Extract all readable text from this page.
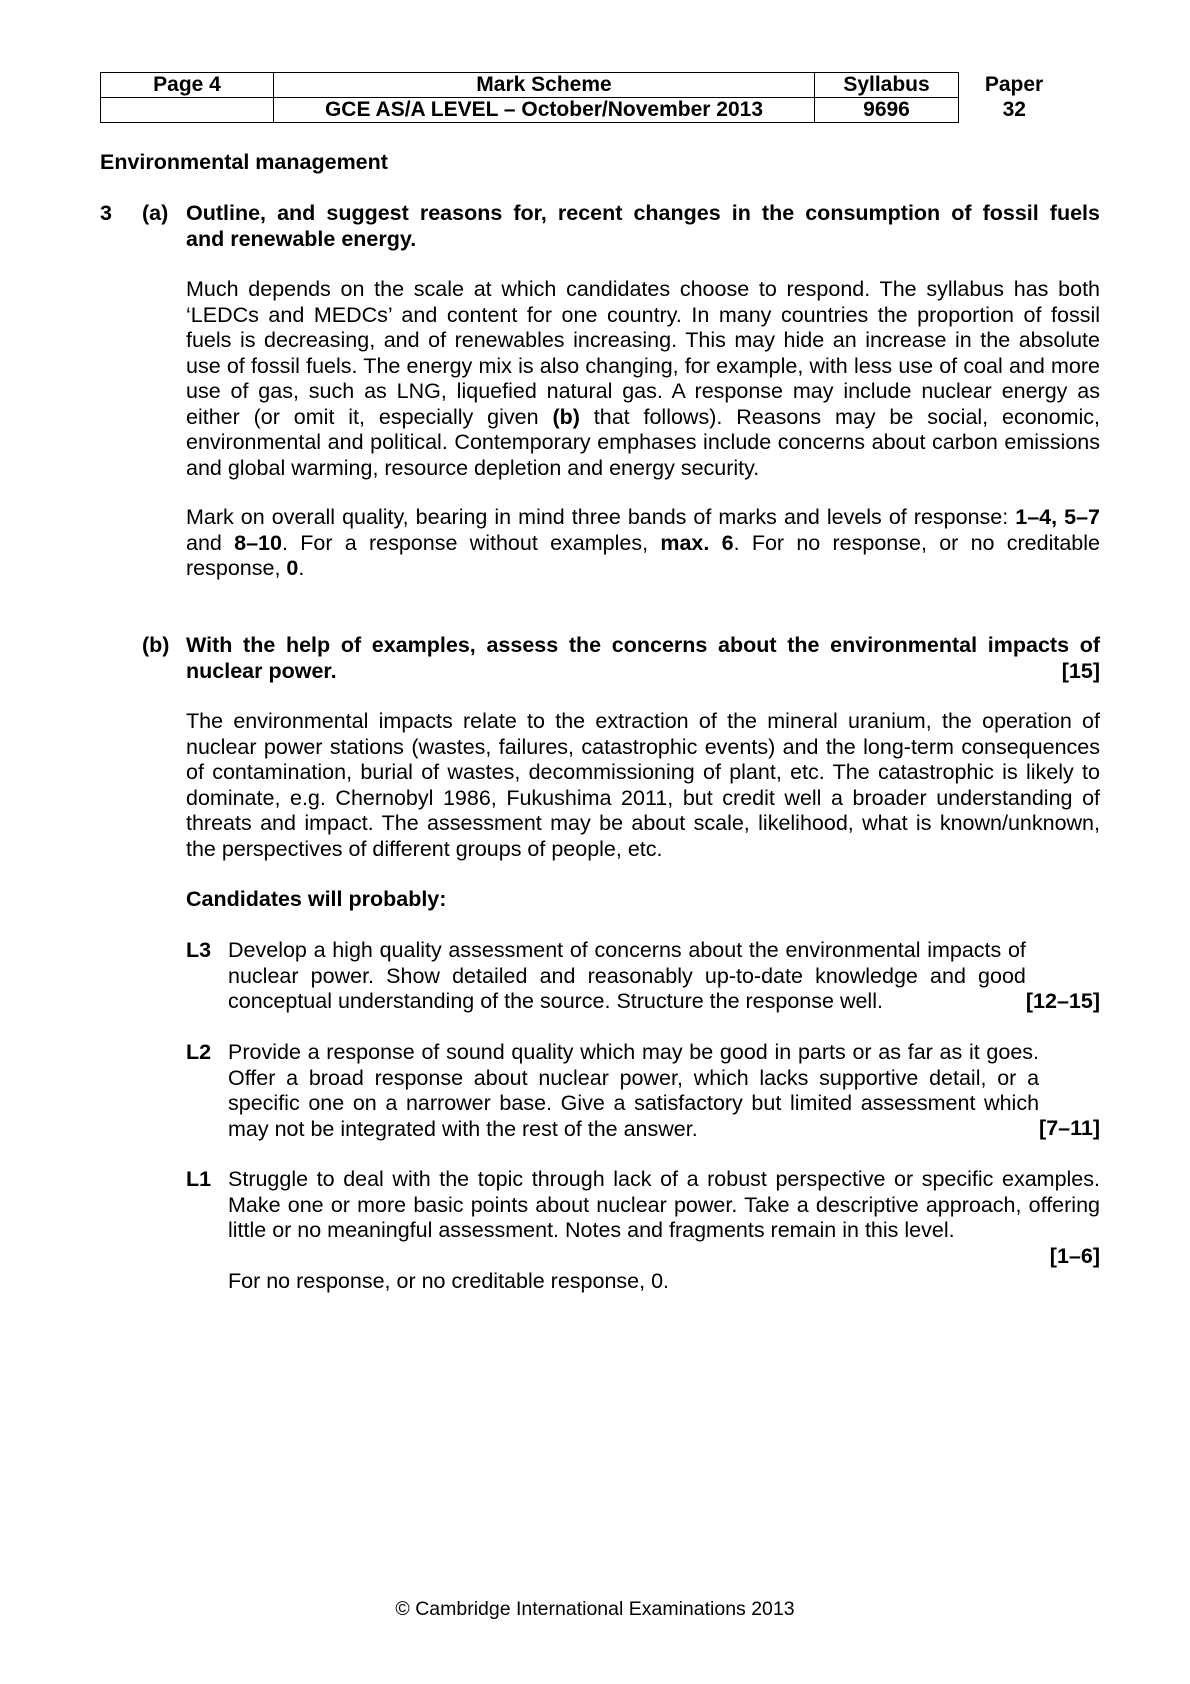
Page 4	Mark Scheme	Syllabus	Paper
	GCE AS/A LEVEL – October/November 2013	9696	32
Environmental management
3 (a) Outline, and suggest reasons for, recent changes in the consumption of fossil fuels
and renewable energy.
Much depends on the scale at which candidates choose to respond. The syllabus has both ‘LEDCs and MEDCs’ and content for one country. In many countries the proportion of fossil fuels is decreasing, and of renewables increasing. This may hide an increase in the absolute use of fossil fuels. The energy mix is also changing, for example, with less use of coal and more use of gas, such as LNG, liquefied natural gas. A response may include nuclear energy as either (or omit it, especially given (b) that follows). Reasons may be social, economic, environmental and political. Contemporary emphases include concerns about carbon emissions and global warming, resource depletion and energy security.
Mark on overall quality, bearing in mind three bands of marks and levels of response: 1–4, 5–7 and 8–10. For a response without examples, max. 6. For no response, or no creditable response, 0.
(b) With the help of examples, assess the concerns about the environmental impacts of
[15]
nuclear power.
The environmental impacts relate to the extraction of the mineral uranium, the operation of nuclear power stations (wastes, failures, catastrophic events) and the long-term consequences of contamination, burial of wastes, decommissioning of plant, etc. The catastrophic is likely to dominate, e.g. Chernobyl 1986, Fukushima 2011, but credit well a broader understanding of threats and impact. The assessment may be about scale, likelihood, what is known/unknown, the perspectives of different groups of people, etc.
Candidates will probably:
L3
[12–15]
Develop a high quality assessment of concerns about the environmental impacts of nuclear power. Show detailed and reasonably up-to-date knowledge and good conceptual understanding of the source. Structure the response well.
L2
[7–11]
Provide a response of sound quality which may be good in parts or as far as it goes. Offer a broad response about nuclear power, which lacks supportive detail, or a specific one on a narrower base. Give a satisfactory but limited assessment which may not be integrated with the rest of the answer.
L1 Struggle to deal with the topic through lack of a robust perspective or specific examples. Make one or more basic points about nuclear power. Take a descriptive approach, offering little or no meaningful assessment. Notes and fragments remain in this level.
[1–6]
For no response, or no creditable response, 0.
© Cambridge International Examinations 2013
